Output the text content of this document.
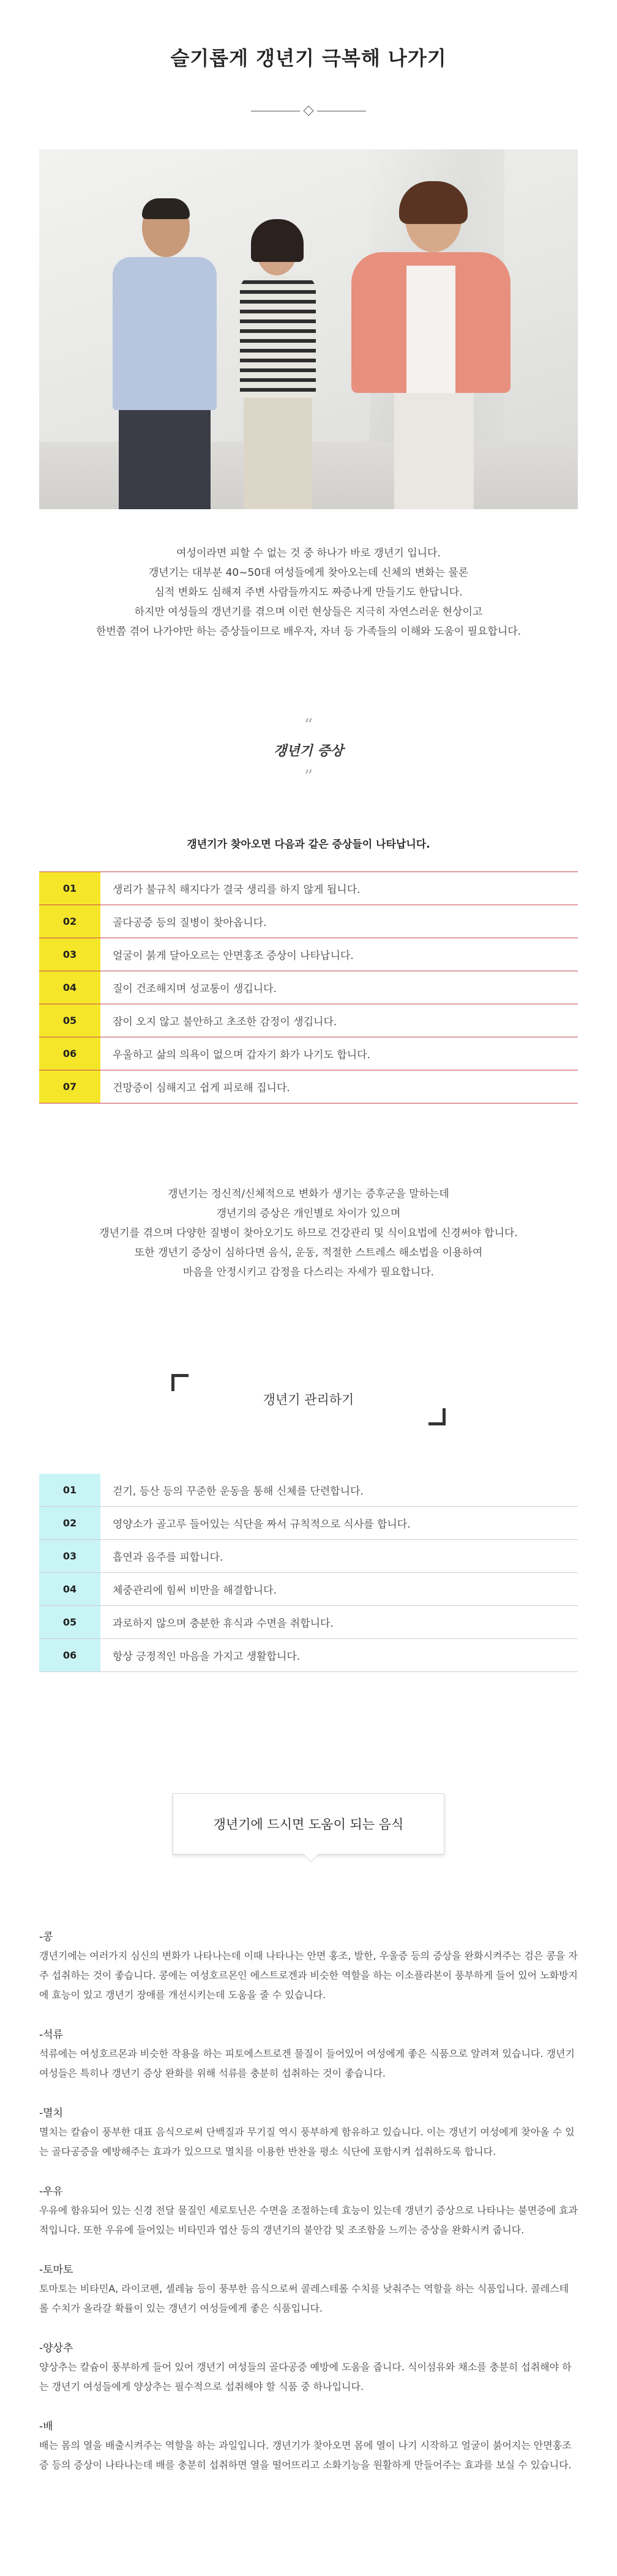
슬기롭게 갱년기 극복해 나가기

여성이라면 피할 수 없는 것 중 하나가 바로 갱년기 입니다.

갱년기는 대부분 40~50대 여성들에게 찾아오는데 신체의 변화는 물론

심적 변화도 심해져 주변 사람들까지도 짜증나게 만들기도 한답니다.

하지만 여성들의 갱년기를 겪으며 이런 현상들은 지극히 자연스러운 현상이고

한번쯤 겪어 나가야만 하는 증상들이므로 배우자, 자녀 등 가족들의 이해와 도움이 필요합니다.

“
갱년기 증상
”

갱년기가 찾아오면 다음과 같은 증상들이 나타납니다.

01	생리가 불규칙 해지다가 결국 생리를 하지 않게 됩니다.
02	골다공증 등의 질병이 찾아옵니다.
03	얼굴이 붉게 달아오르는 안면홍조 증상이 나타납니다.
04	질이 건조해지며 성교통이 생깁니다.
05	잠이 오지 않고 불안하고 초조한 감정이 생깁니다.
06	우울하고 삶의 의욕이 없으며 갑자기 화가 나기도 합니다.
07	건망증이 심해지고 쉽게 피로해 집니다.

갱년기는 정신적/신체적으로 변화가 생기는 증후군을 말하는데

갱년기의 증상은 개인별로 차이가 있으며

갱년기를 겪으며 다양한 질병이 찾아오기도 하므로 건강관리 및 식이요법에 신경써야 합니다.

또한 갱년기 증상이 심하다면 음식, 운동, 적절한 스트레스 해소법을 이용하여

마음을 안정시키고 감정을 다스리는 자세가 필요합니다.

갱년기 관리하기
01	걷기, 등산 등의 꾸준한 운동을 통해 신체를 단련합니다.
02	영양소가 골고루 들어있는 식단을 짜서 규칙적으로 식사를 합니다.
03	흡연과 음주를 피합니다.
04	체중관리에 힘써 비만을 해결합니다.
05	과로하지 않으며 충분한 휴식과 수면을 취합니다.
06	항상 긍정적인 마음을 가지고 생활합니다.
갱년기에 드시면 도움이 되는 음식

-콩

갱년기에는 여러가지 심신의 변화가 나타나는데 이때 나타나는 안면 홍조, 발한, 우울증 등의 증상을 완화시켜주는 검은 콩을 자주 섭취하는 것이 좋습니다. 콩에는 여성호르몬인 에스트로겐과 비슷한 역할을 하는 이소플라본이 풍부하게 들어 있어 노화방지에 효능이 있고 갱년기 장애를 개선시키는데 도움을 줄 수 있습니다.

-석류

석류에는 여성호르몬과 비슷한 작용을 하는 피토에스트로겐 물질이 들어있어 여성에게 좋은 식품으로 알려져 있습니다. 갱년기 여성들은 특히나 갱년기 증상 완화를 위해 석류를 충분히 섭취하는 것이 좋습니다.

-멸치

멸치는 칼슘이 풍부한 대표 음식으로써 단백질과 무기질 역시 풍부하게 함유하고 있습니다. 이는 갱년기 여성에게 찾아올 수 있는 골다공증을 예방해주는 효과가 있으므로 멸치를 이용한 반찬을 평소 식단에 포함시켜 섭취하도록 합니다.

-우유

우유에 함유되어 있는 신경 전달 물질인 세로토닌은 수면을 조절하는데 효능이 있는데 갱년기 증상으로 나타나는 불면증에 효과적입니다. 또한 우유에 들어있는 비타민과 엽산 등의 갱년기의 불안감 및 조조함을 느끼는 증상을 완화시켜 줍니다.

-토마토

토마토는 비타민A, 라이코펜, 셀레늄 등이 풍부한 음식으로써 콜레스테롤 수치를 낮춰주는 역할을 하는 식품입니다. 콜레스테롤 수치가 올라갈 확률이 있는 갱년기 여성들에게 좋은 식품입니다.

-양상추

양상추는 칼슘이 풍부하게 들어 있어 갱년기 여성들의 골다공증 예방에 도움을 줍니다. 식이섬유와 채소를 충분히 섭취해야 하는 갱년기 여성들에게 양상추는 필수적으로 섭취해야 할 식품 중 하나입니다.

-배

배는 몸의 열을 배출시켜주는 역할을 하는 과일입니다. 갱년기가 찾아오면 몸에 열이 나기 시작하고 얼굴이 붉어지는 안면홍조증 등의 증상이 나타나는데 배를 충분히 섭취하면 열을 떨어뜨리고 소화기능을 원활하게 만들어주는 효과를 보실 수 있습니다.
